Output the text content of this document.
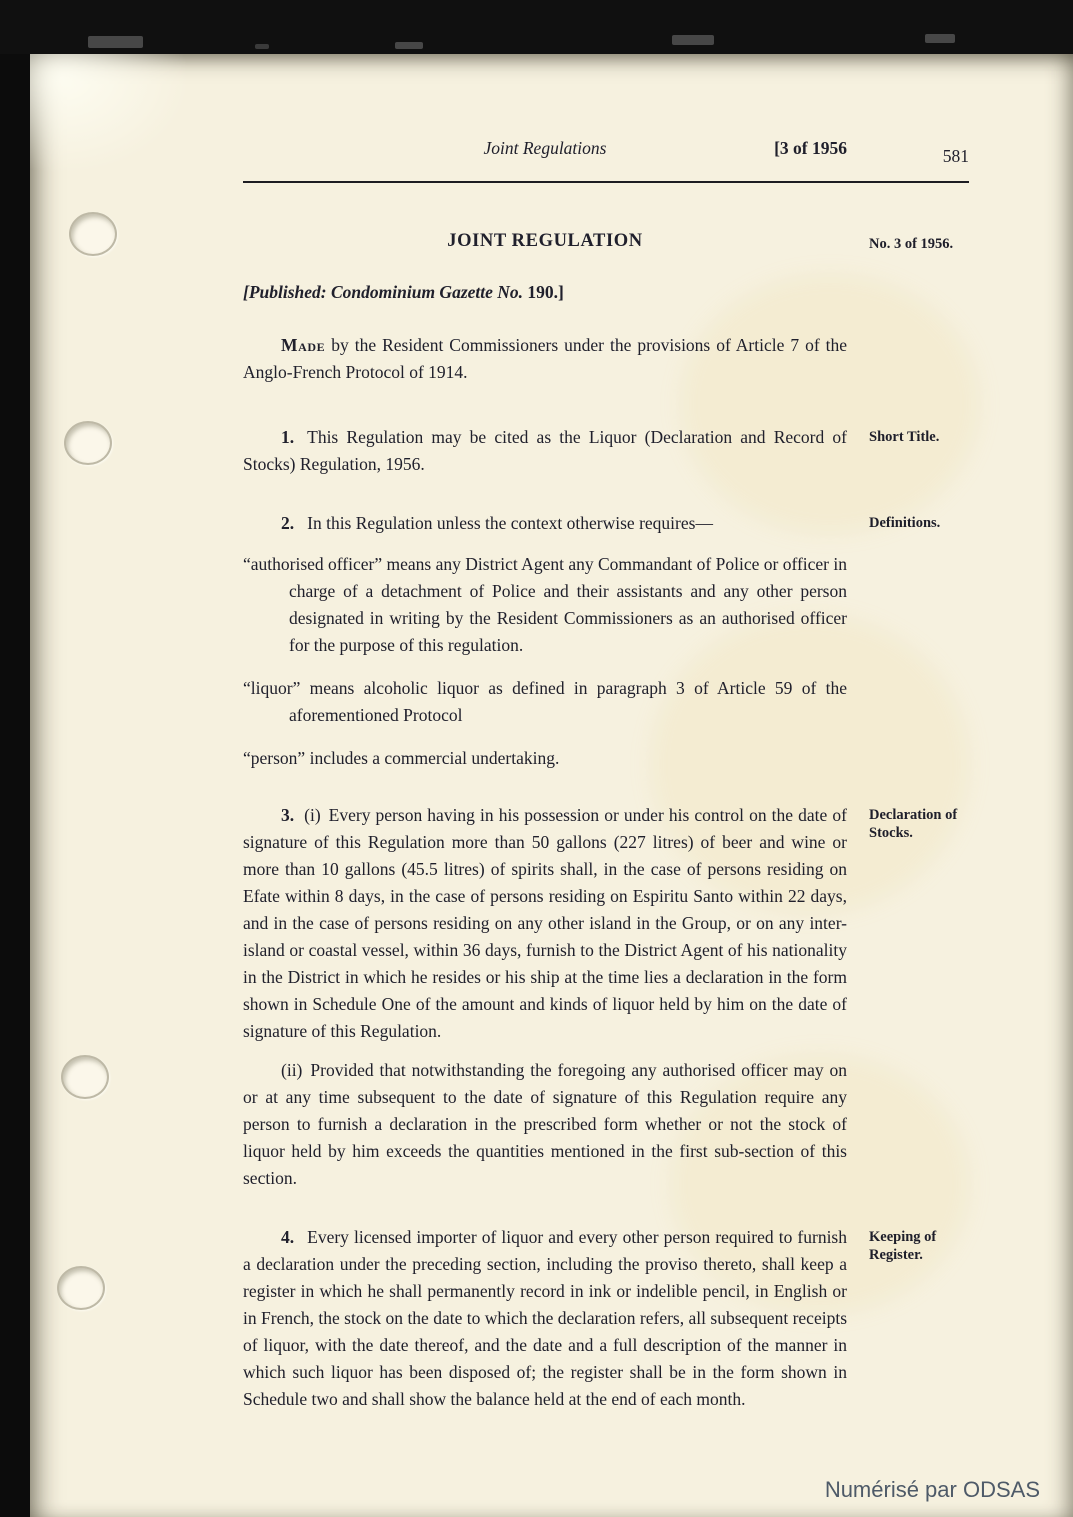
Joint Regulations	[3 of 1956	581
JOINT REGULATION	No. 3 of 1956.

[Published: Condominium Gazette No. 190.]

Made by the Resident Commissioners under the provisions of Article 7 of the Anglo-French Protocol of 1914.

1. This Regulation may be cited as the Liquor (Declaration and Record of Stocks) Regulation, 1956.

Short Title.

2. In this Regulation unless the context otherwise requires—	Definitions.

“authorised officer” means any District Agent any Commandant of Police or officer in charge of a detachment of Police and their assistants and any other person designated in writing by the Resident Commissioners as an authorised officer for the purpose of this regulation.

“liquor” means alcoholic liquor as defined in paragraph 3 of Article 59 of the aforementioned Protocol

“person” includes a commercial undertaking.

3. (i) Every person having in his possession or under his control on the date of signature of this Regulation more than 50 gallons (227 litres) of beer and wine or more than 10 gallons (45.5 litres) of spirits shall, in the case of persons residing on Efate within 8 days, in the case of persons residing on Espiritu Santo within 22 days, and in the case of persons residing on any other island in the Group, or on any inter-island or coastal vessel, within 36 days, furnish to the District Agent of his nationality in the District in which he resides or his ship at the time lies a declaration in the form shown in Schedule One of the amount and kinds of liquor held by him on the date of signature of this Regulation.

Declaration of Stocks.

(ii) Provided that notwithstanding the foregoing any authorised officer may on or at any time subsequent to the date of signature of this Regulation require any person to furnish a declaration in the prescribed form whether or not the stock of liquor held by him exceeds the quantities mentioned in the first sub-section of this section.

4. Every licensed importer of liquor and every other person required to furnish a declaration under the preceding section, including the proviso thereto, shall keep a register in which he shall permanently record in ink or indelible pencil, in English or in French, the stock on the date to which the declaration refers, all subsequent receipts of liquor, with the date thereof, and the date and a full description of the manner in which such liquor has been disposed of; the register shall be in the form shown in Schedule two and shall show the balance held at the end of each month.

Keeping of Register.
Numérisé par ODSAS
